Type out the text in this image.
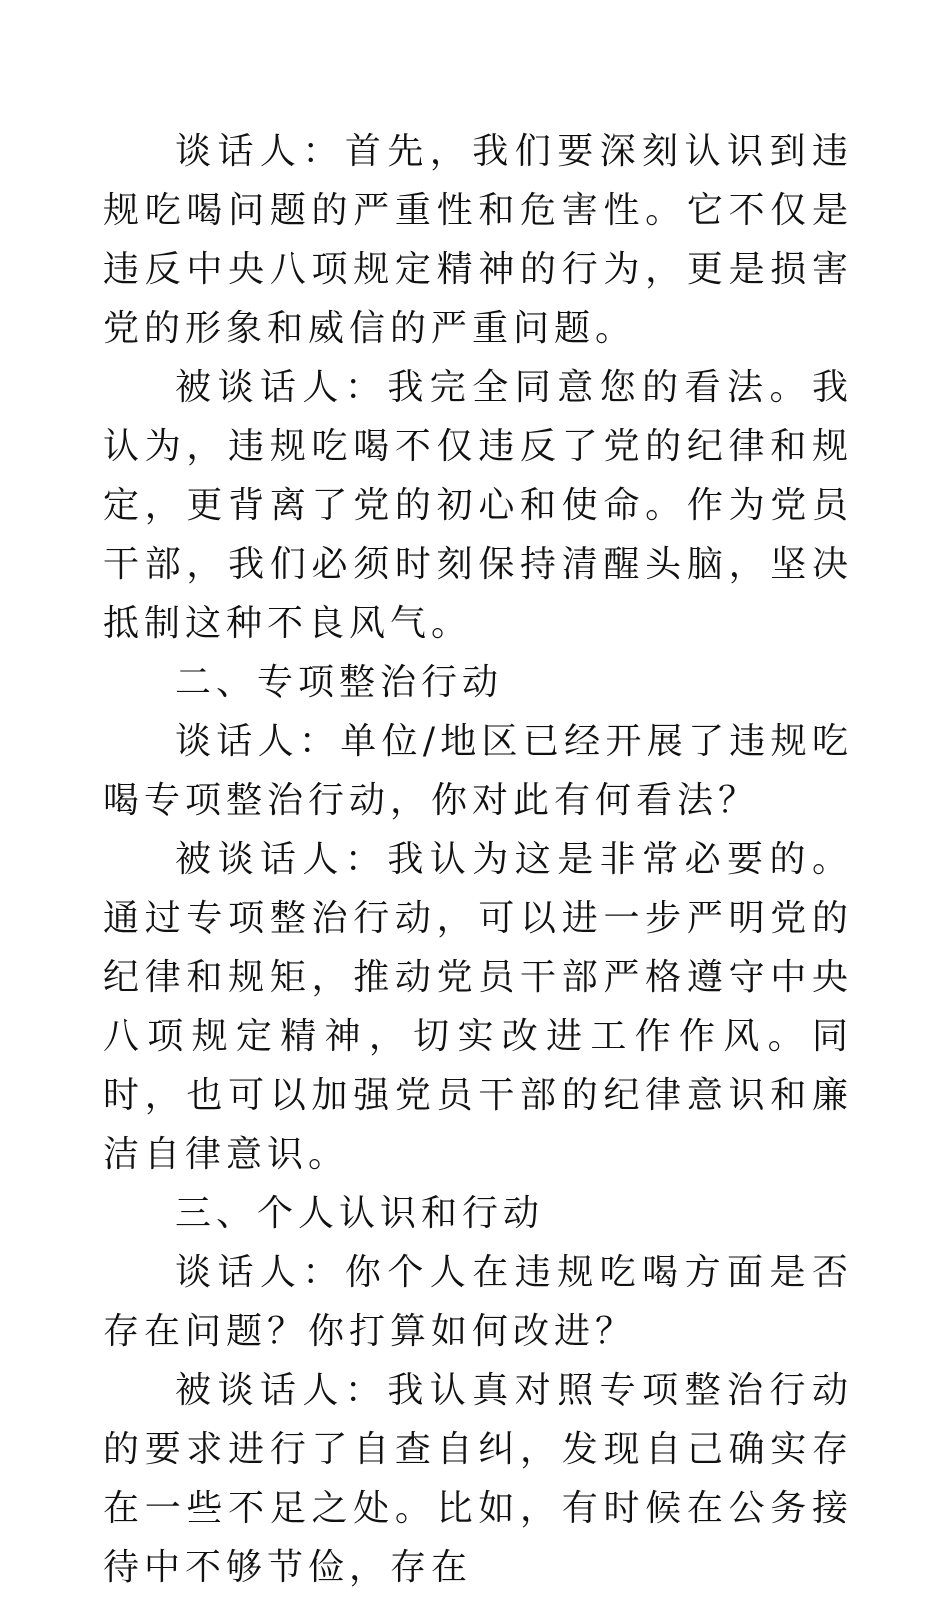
谈话人：首先，我们要深刻认识到违规吃喝问题的严重性和危害性。它不仅是违反中央八项规定精神的行为，更是损害党的形象和威信的严重问题。

被谈话人：我完全同意您的看法。我认为，违规吃喝不仅违反了党的纪律和规定，更背离了党的初心和使命。作为党员干部，我们必须时刻保持清醒头脑，坚决抵制这种不良风气。

二、专项整治行动

谈话人：单位/地区已经开展了违规吃喝专项整治行动，你对此有何看法？

被谈话人：我认为这是非常必要的。通过专项整治行动，可以进一步严明党的纪律和规矩，推动党员干部严格遵守中央八项规定精神，切实改进工作作风。同时，也可以加强党员干部的纪律意识和廉洁自律意识。

三、个人认识和行动

谈话人：你个人在违规吃喝方面是否存在问题？你打算如何改进？

被谈话人：我认真对照专项整治行动的要求进行了自查自纠，发现自己确实存在一些不足之处。比如，有时候在公务接待中不够节俭，存在
